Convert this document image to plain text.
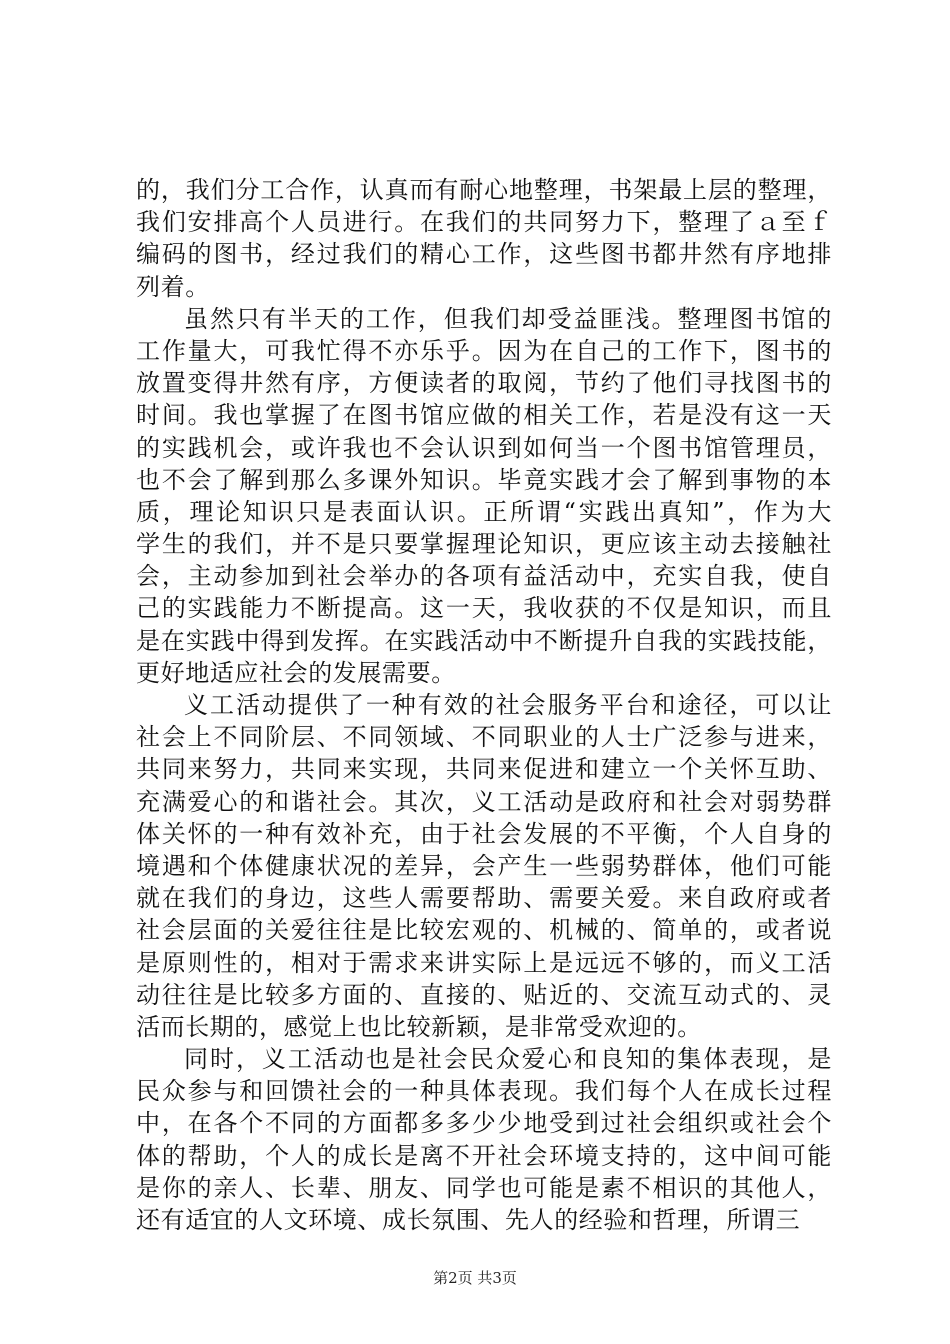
的，我们分工合作，认真而有耐心地整理，书架最上层的整理，
我们安排高个人员进行。在我们的共同努力下，整理了ａ至ｆ
编码的图书，经过我们的精心工作，这些图书都井然有序地排
列着。
虽然只有半天的工作，但我们却受益匪浅。整理图书馆的
工作量大，可我忙得不亦乐乎。因为在自己的工作下，图书的
放置变得井然有序，方便读者的取阅，节约了他们寻找图书的
时间。我也掌握了在图书馆应做的相关工作，若是没有这一天
的实践机会，或许我也不会认识到如何当一个图书馆管理员，
也不会了解到那么多课外知识。毕竟实践才会了解到事物的本
质，理论知识只是表面认识。正所谓“实践出真知”，作为大
学生的我们，并不是只要掌握理论知识，更应该主动去接触社
会，主动参加到社会举办的各项有益活动中，充实自我，使自
己的实践能力不断提高。这一天，我收获的不仅是知识，而且
是在实践中得到发挥。在实践活动中不断提升自我的实践技能，
更好地适应社会的发展需要。
义工活动提供了一种有效的社会服务平台和途径，可以让
社会上不同阶层、不同领域、不同职业的人士广泛参与进来，
共同来努力，共同来实现，共同来促进和建立一个关怀互助、
充满爱心的和谐社会。其次，义工活动是政府和社会对弱势群
体关怀的一种有效补充，由于社会发展的不平衡，个人自身的
境遇和个体健康状况的差异，会产生一些弱势群体，他们可能
就在我们的身边，这些人需要帮助、需要关爱。来自政府或者
社会层面的关爱往往是比较宏观的、机械的、简单的，或者说
是原则性的，相对于需求来讲实际上是远远不够的，而义工活
动往往是比较多方面的、直接的、贴近的、交流互动式的、灵
活而长期的，感觉上也比较新颖，是非常受欢迎的。
同时，义工活动也是社会民众爱心和良知的集体表现，是
民众参与和回馈社会的一种具体表现。我们每个人在成长过程
中，在各个不同的方面都多多少少地受到过社会组织或社会个
体的帮助，个人的成长是离不开社会环境支持的，这中间可能
是你的亲人、长辈、朋友、同学也可能是素不相识的其他人，
还有适宜的人文环境、成长氛围、先人的经验和哲理，所谓三
第2页 共3页
